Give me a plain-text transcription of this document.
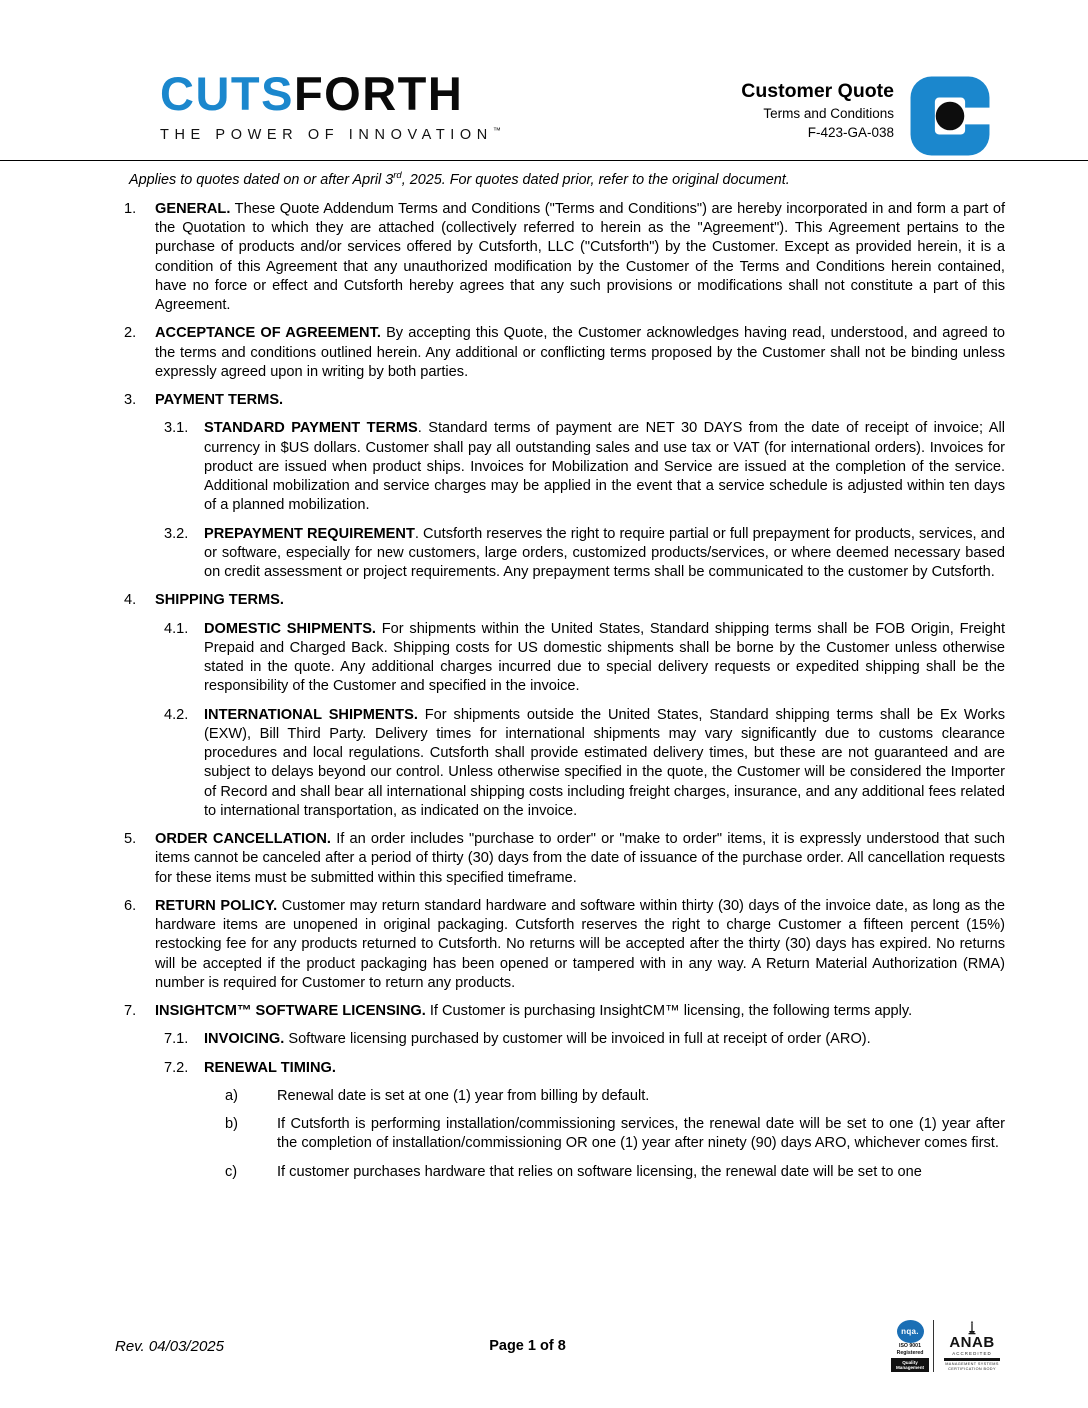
CUTSFORTH
THE POWER OF INNOVATION™
Customer Quote
Terms and Conditions
F-423-GA-038

Applies to quotes dated on or after April 3rd, 2025. For quotes dated prior, refer to the original document.

1.	GENERAL. These Quote Addendum Terms and Conditions ("Terms and Conditions") are hereby incorporated in and form a part of the Quotation to which they are attached (collectively referred to herein as the "Agreement"). This Agreement pertains to the purchase of products and/or services offered by Cutsforth, LLC ("Cutsforth") by the Customer. Except as provided herein, it is a condition of this Agreement that any unauthorized modification by the Customer of the Terms and Conditions herein contained, have no force or effect and Cutsforth hereby agrees that any such provisions or modifications shall not constitute a part of this Agreement.
2.	ACCEPTANCE OF AGREEMENT. By accepting this Quote, the Customer acknowledges having read, understood, and agreed to the terms and conditions outlined herein. Any additional or conflicting terms proposed by the Customer shall not be binding unless expressly agreed upon in writing by both parties.
3.	PAYMENT TERMS.
3.1.	STANDARD PAYMENT TERMS. Standard terms of payment are NET 30 DAYS from the date of receipt of invoice; All currency in $US dollars. Customer shall pay all outstanding sales and use tax or VAT (for international orders). Invoices for product are issued when product ships. Invoices for Mobilization and Service are issued at the completion of the service. Additional mobilization and service charges may be applied in the event that a service schedule is adjusted within ten days of a planned mobilization.
3.2.	PREPAYMENT REQUIREMENT. Cutsforth reserves the right to require partial or full prepayment for products, services, and or software, especially for new customers, large orders, customized products/services, or where deemed necessary based on credit assessment or project requirements. Any prepayment terms shall be communicated to the customer by Cutsforth.
4.	SHIPPING TERMS.
4.1.	DOMESTIC SHIPMENTS. For shipments within the United States, Standard shipping terms shall be FOB Origin, Freight Prepaid and Charged Back. Shipping costs for US domestic shipments shall be borne by the Customer unless otherwise stated in the quote. Any additional charges incurred due to special delivery requests or expedited shipping shall be the responsibility of the Customer and specified in the invoice.
4.2.	INTERNATIONAL SHIPMENTS. For shipments outside the United States, Standard shipping terms shall be Ex Works (EXW), Bill Third Party. Delivery times for international shipments may vary significantly due to customs clearance procedures and local regulations. Cutsforth shall provide estimated delivery times, but these are not guaranteed and are subject to delays beyond our control. Unless otherwise specified in the quote, the Customer will be considered the Importer of Record and shall bear all international shipping costs including freight charges, insurance, and any additional fees related to international transportation, as indicated on the invoice.
5.	ORDER CANCELLATION. If an order includes "purchase to order" or "make to order" items, it is expressly understood that such items cannot be canceled after a period of thirty (30) days from the date of issuance of the purchase order. All cancellation requests for these items must be submitted within this specified timeframe.
6.	RETURN POLICY. Customer may return standard hardware and software within thirty (30) days of the invoice date, as long as the hardware items are unopened in original packaging. Cutsforth reserves the right to charge Customer a fifteen percent (15%) restocking fee for any products returned to Cutsforth. No returns will be accepted after the thirty (30) days has expired. No returns will be accepted if the product packaging has been opened or tampered with in any way. A Return Material Authorization (RMA) number is required for Customer to return any products.
7.	INSIGHTCM™ SOFTWARE LICENSING. If Customer is purchasing InsightCM™ licensing, the following terms apply.
7.1.	INVOICING. Software licensing purchased by customer will be invoiced in full at receipt of order (ARO).
7.2.	RENEWAL TIMING.
a)	Renewal date is set at one (1) year from billing by default.
b)	If Cutsforth is performing installation/commissioning services, the renewal date will be set to one (1) year after the completion of installation/commissioning OR one (1) year after ninety (90) days ARO, whichever comes first.
c)	If customer purchases hardware that relies on software licensing, the renewal date will be set to one
Rev. 04/03/2025	Page 1 of 8
nqa.
ISO 9001
Registered
Quality Management
ANAB
ACCREDITED
MANAGEMENT SYSTEMS CERTIFICATION BODY
